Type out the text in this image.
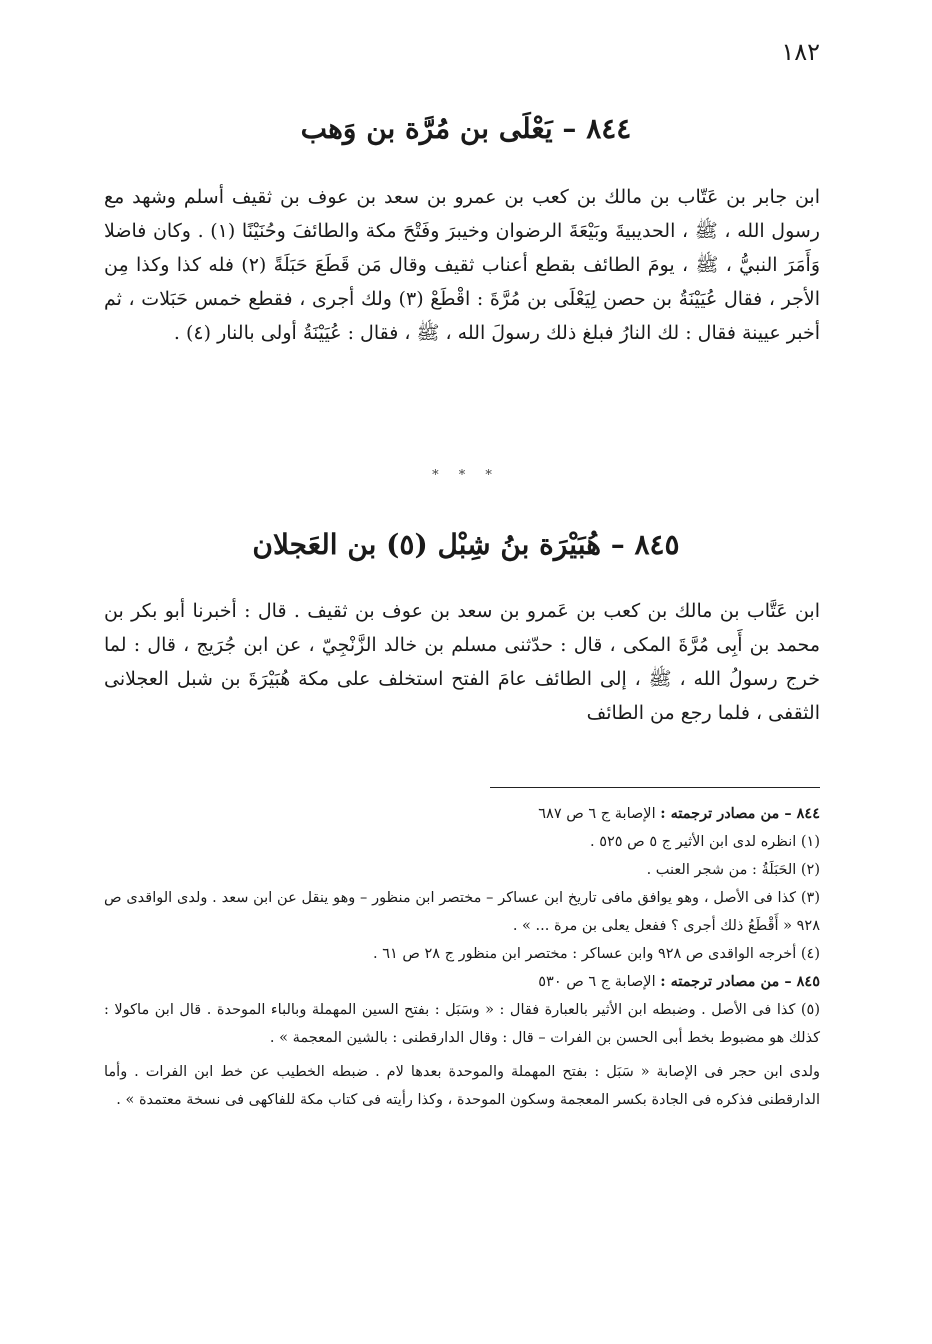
١٨٢

٨٤٤ – يَعْلَى بن مُرَّة بن وَهب

ابن جابر بن عَتّاب بن مالك بن كعب بن عمرو بن سعد بن عوف بن ثقيف أسلم وشهد مع رسول الله ، ﷺ ، الحديبيةَ وبَيْعَةَ الرضوان وخيبرَ وفَتْحَ مكة والطائفَ وحُنَيْنًا (١) . وكان فاضلا وَأَمَرَ النبيُّ ، ﷺ ، يومَ الطائف بقطع أعناب ثقيف وقال مَن قَطَعَ حَبَلَةً (٢) فله كذا وكذا مِن الأجر ، فقال عُيَيْنَةُ بن حصن لِيَعْلَى بن مُرَّةَ : اقْطَعْ (٣) ولك أجرى ، فقطع خمس حَبَلات ، ثم أخبر عيينة فقال : لك النارُ فبلغ ذلك رسولَ الله ، ﷺ ، فقال : عُيَيْنَةُ أولى بالنار (٤) .

* * *

٨٤٥ – هُبَيْرَة بنُ شِبْل (٥) بن العَجلان

ابن عَتَّاب بن مالك بن كعب بن عَمرو بن سعد بن عوف بن ثقيف . قال : أخبرنا أبو بكر بن محمد بن أَبِى مُرَّةَ المكى ، قال : حدّثنى مسلم بن خالد الزَّنْجِيّ ، عن ابن جُرَيج ، قال : لما خرج رسولُ الله ، ﷺ ، إلى الطائف عامَ الفتح استخلف على مكة هُبَيْرَةَ بن شبل العجلانى الثقفى ، فلما رجع من الطائف

٨٤٤ – من مصادر ترجمته : الإصابة ج ٦ ص ٦٨٧
(١) انظره لدى ابن الأثير ج ٥ ص ٥٢٥ .
(٢) الحَبَلَةُ : من شجر العنب .
(٣) كذا فى الأصل ، وهو يوافق مافى تاريخ ابن عساكر – مختصر ابن منظور – وهو ينقل عن ابن سعد . ولدى الواقدى ص ٩٢٨ « أَقْطَعُ ذلك أجرى ؟ ففعل يعلى بن مرة ... » .
(٤) أخرجه الواقدى ص ٩٢٨ وابن عساكر : مختصر ابن منظور ج ٢٨ ص ٦١ .
٨٤٥ – من مصادر ترجمته : الإصابة ج ٦ ص ٥٣٠
(٥) كذا فى الأصل . وضبطه ابن الأثير بالعبارة فقال : « وسَبَل : بفتح السين المهملة وبالباء الموحدة . قال ابن ماكولا : كذلك هو مضبوط بخط أبى الحسن بن الفرات – قال : وقال الدارقطنى : بالشين المعجمة » .
ولدى ابن حجر فى الإصابة « سَبَل : بفتح المهملة والموحدة بعدها لام . ضبطه الخطيب عن خط ابن الفرات . وأما الدارقطنى فذكره فى الجادة بكسر المعجمة وسكون الموحدة ، وكذا رأيته فى كتاب مكة للفاكهى فى نسخة معتمدة » .
